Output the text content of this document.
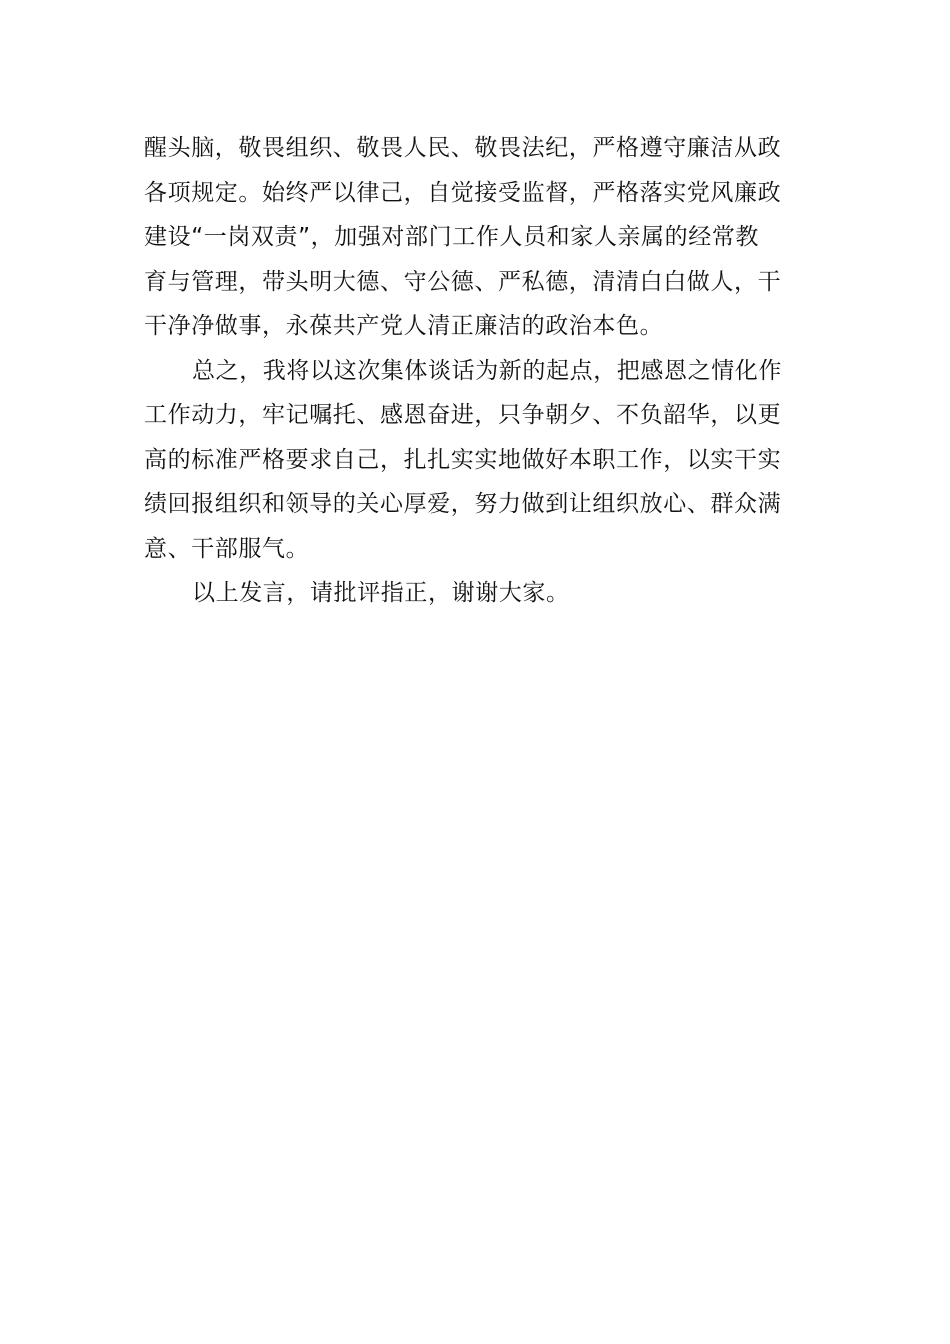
醒头脑，敬畏组织、敬畏人民、敬畏法纪，严格遵守廉洁从政
各项规定。始终严以律己，自觉接受监督，严格落实党风廉政
建设“一岗双责”，加强对部门工作人员和家人亲属的经常教
育与管理，带头明大德、守公德、严私德，清清白白做人，干
干净净做事，永葆共产党人清正廉洁的政治本色。
总之，我将以这次集体谈话为新的起点，把感恩之情化作
工作动力，牢记嘱托、感恩奋进，只争朝夕、不负韶华，以更
高的标准严格要求自己，扎扎实实地做好本职工作，以实干实
绩回报组织和领导的关心厚爱，努力做到让组织放心、群众满
意、干部服气。
以上发言，请批评指正，谢谢大家。
